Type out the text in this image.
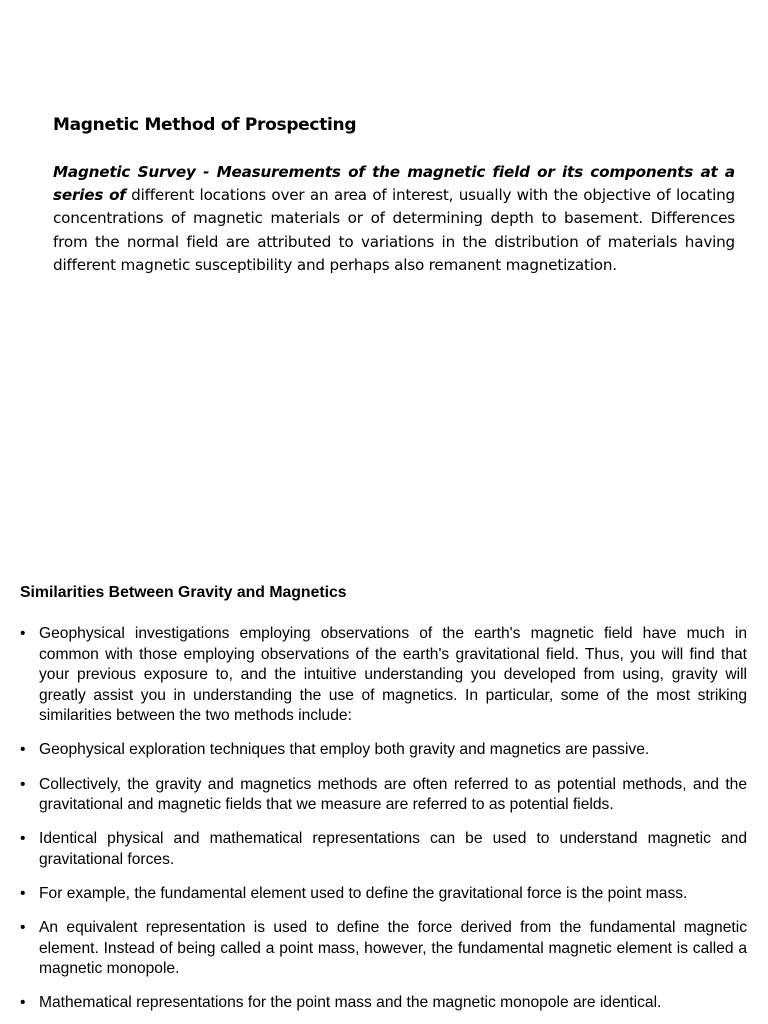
Magnetic Method of Prospecting

Magnetic Survey - Measurements of the magnetic field or its components at a series of different locations over an area of interest, usually with the objective of locating concentrations of magnetic materials or of determining depth to basement. Differences from the normal field are attributed to variations in the distribution of materials having different magnetic susceptibility and perhaps also remanent magnetization.

Similarities Between Gravity and Magnetics
• Geophysical investigations employing observations of the earth's magnetic field have much in common with those employing observations of the earth's gravitational field. Thus, you will find that your previous exposure to, and the intuitive understanding you developed from using, gravity will greatly assist you in understanding the use of magnetics. In particular, some of the most striking similarities between the two methods include:
• Geophysical exploration techniques that employ both gravity and magnetics are passive.
• Collectively, the gravity and magnetics methods are often referred to as potential methods, and the gravitational and magnetic fields that we measure are referred to as potential fields.
• Identical physical and mathematical representations can be used to understand magnetic and gravitational forces.
• For example, the fundamental element used to define the gravitational force is the point mass.
• An equivalent representation is used to define the force derived from the fundamental magnetic element. Instead of being called a point mass, however, the fundamental magnetic element is called a magnetic monopole.
• Mathematical representations for the point mass and the magnetic monopole are identical.
